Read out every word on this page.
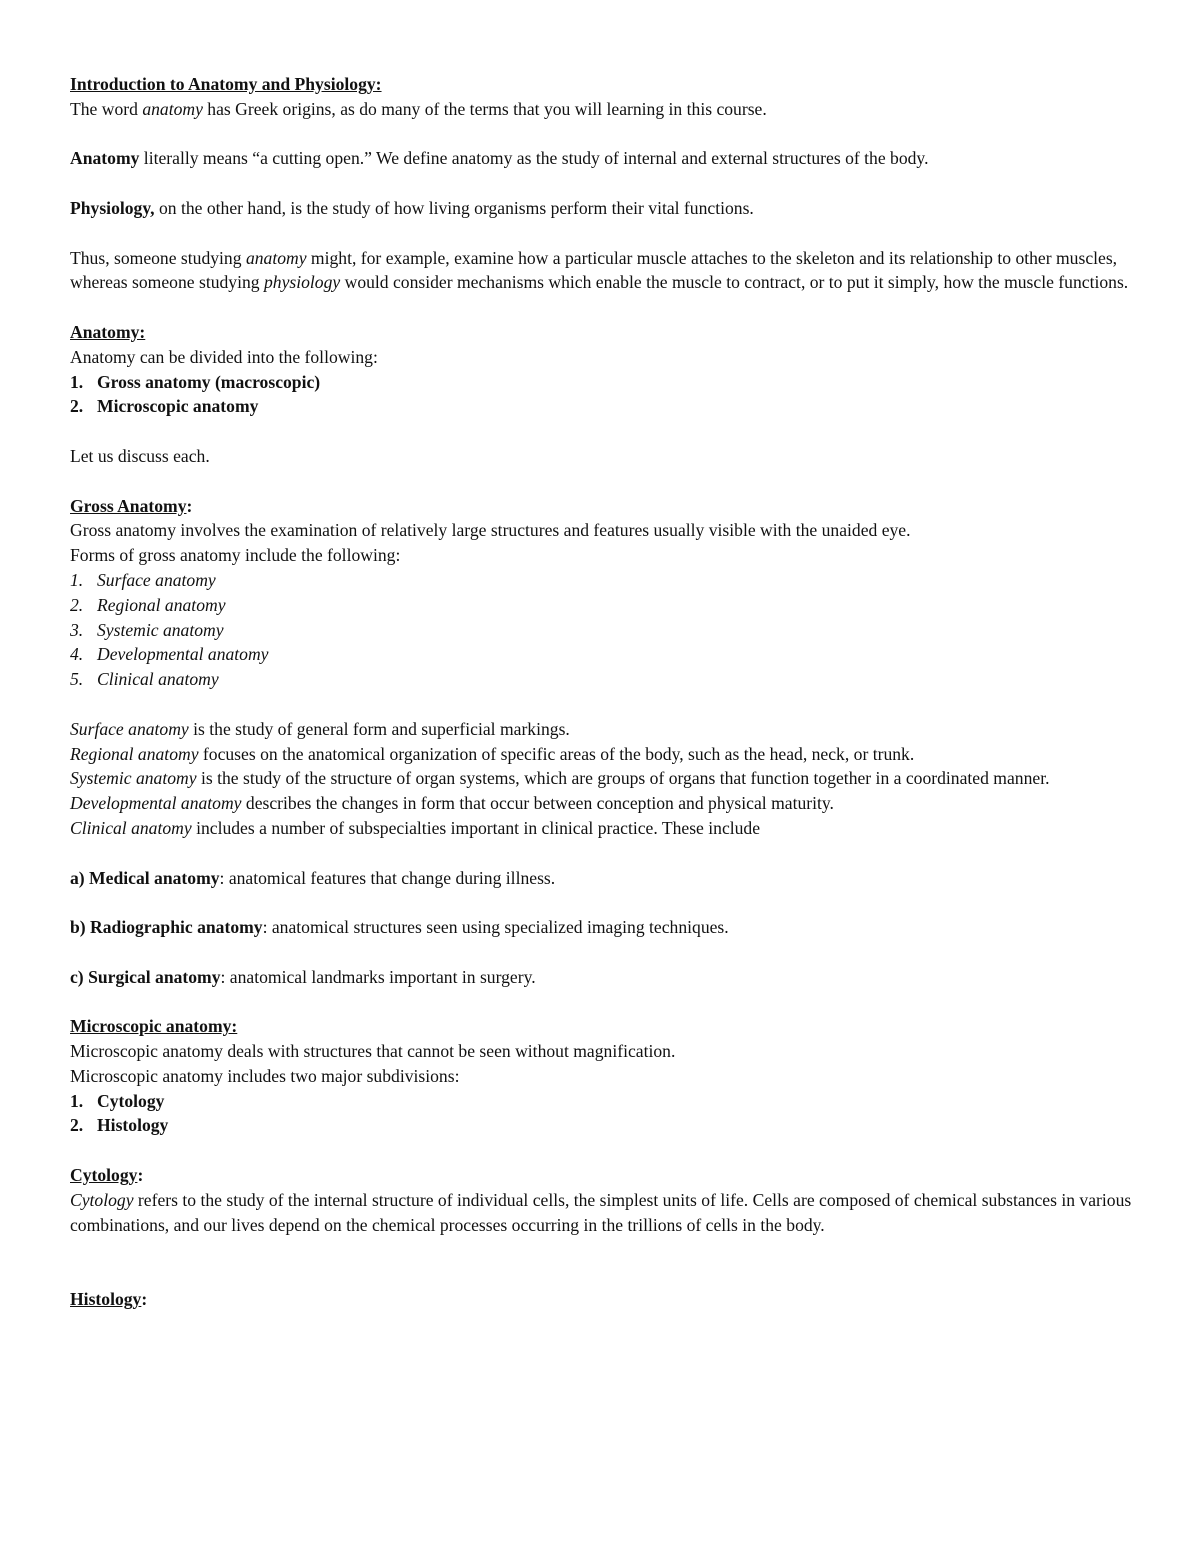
Introduction to Anatomy and Physiology:

The word anatomy has Greek origins, as do many of the terms that you will learning in this course.

Anatomy literally means “a cutting open.” We define anatomy as the study of internal and external structures of the body.

Physiology, on the other hand, is the study of how living organisms perform their vital functions.

Thus, someone studying anatomy might, for example, examine how a particular muscle attaches to the skeleton and its relationship to other muscles, whereas someone studying physiology would consider mechanisms which enable the muscle to contract, or to put it simply, how the muscle functions.

Anatomy:

Anatomy can be divided into the following:

1. Gross anatomy (macroscopic)

2. Microscopic anatomy

Let us discuss each.

Gross Anatomy:

Gross anatomy involves the examination of relatively large structures and features usually visible with the unaided eye.

Forms of gross anatomy include the following:

1. Surface anatomy

2. Regional anatomy

3. Systemic anatomy

4. Developmental anatomy

5. Clinical anatomy

Surface anatomy is the study of general form and superficial markings.

Regional anatomy focuses on the anatomical organization of specific areas of the body, such as the head, neck, or trunk.

Systemic anatomy is the study of the structure of organ systems, which are groups of organs that function together in a coordinated manner.

Developmental anatomy describes the changes in form that occur between conception and physical maturity.

Clinical anatomy includes a number of subspecialties important in clinical practice. These include

a) Medical anatomy: anatomical features that change during illness.

b) Radiographic anatomy: anatomical structures seen using specialized imaging techniques.

c) Surgical anatomy: anatomical landmarks important in surgery.

Microscopic anatomy:

Microscopic anatomy deals with structures that cannot be seen without magnification.

Microscopic anatomy includes two major subdivisions:

1. Cytology

2. Histology

Cytology:

Cytology refers to the study of the internal structure of individual cells, the simplest units of life. Cells are composed of chemical substances in various combinations, and our lives depend on the chemical processes occurring in the trillions of cells in the body.

Histology:
